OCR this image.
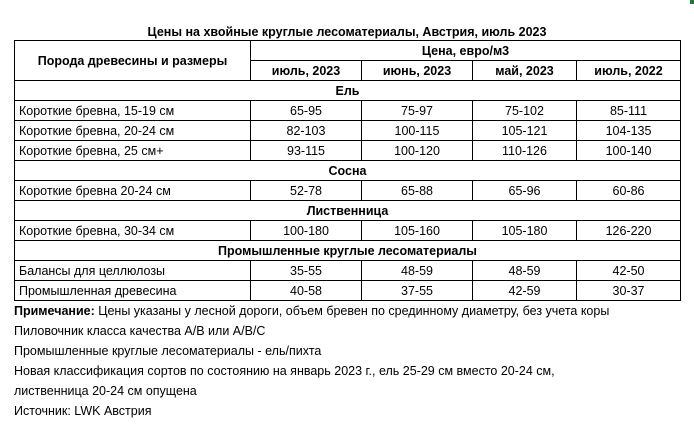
Цены на хвойные круглые лесоматериалы, Австрия, июль 2023
Порода древесины и размеры	Цена, евро/м3			
	июль, 2023	июнь, 2023	май, 2023	июль, 2022
Ель				
Короткие бревна, 15-19 см	65-95	75-97	75-102	85-111
Короткие бревна, 20-24 см	82-103	100-115	105-121	104-135
Короткие бревна, 25 см+	93-115	100-120	110-126	100-140
Сосна				
Короткие бревна 20-24 см	52-78	65-88	65-96	60-86
Лиственница				
Короткие бревна, 30-34 см	100-180	105-160	105-180	126-220
Промышленные круглые лесоматериалы				
Балансы для целлюлозы	35-55	48-59	48-59	42-50
Промышленная древесина	40-58	37-55	42-59	30-37
Примечание: Цены указаны у лесной дороги, объем бревен по срединному диаметру, без учета коры
Пиловочник класса качества A/B или A/B/C
Промышленные круглые лесоматериалы - ель/пихта
Новая классификация сортов по состоянию на январь 2023 г., ель 25-29 см вместо 20-24 см,
лиственница 20-24 см опущена
Источник: LWK Австрия
